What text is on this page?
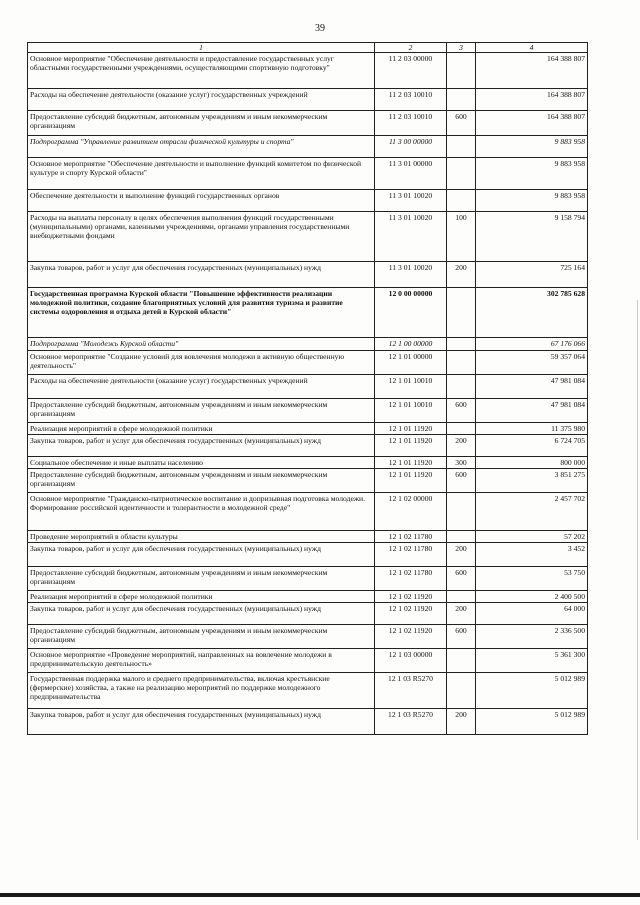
39
1	2	3	4
Основное мероприятие "Обеспечение деятельности и предоставление государственных услуг областными государственными учреждениями, осуществляющими спортивную подготовку"	11 2 03 00000		164 388 807
Расходы на обеспечение деятельности (оказание услуг) государственных учреждений	11 2 03 10010		164 388 807
Предоставление субсидий бюджетным, автономным учреждениям и иным некоммерческим организациям	11 2 03 10010	600	164 388 807
Подпрограмма "Управление развитием отрасли физической культуры и спорта"	11 3 00 00000		9 883 958
Основное мероприятие "Обеспечение деятельности и выполнение функций комитетом по физической культуре и спорту Курской области"	11 3 01 00000		9 883 958
Обеспечение деятельности и выполнение функций государственных органов	11 3 01 10020		9 883 958
Расходы на выплаты персоналу в целях обеспечения выполнения функций государственными (муниципальными) органами, казенными учреждениями, органами управления государственными внебюджетными фондами	11 3 01 10020	100	9 158 794
Закупка товаров, работ и услуг для обеспечения государственных (муниципальных) нужд	11 3 01 10020	200	725 164
Государственная программа Курской области "Повышение эффективности реализации молодежной политики, создание благоприятных условий для развития туризма и развитие системы оздоровления и отдыха детей в Курской области"	12 0 00 00000		302 785 628
Подпрограмма "Молодежь Курской области"	12 1 00 00000		67 176 066
Основное мероприятие "Создание условий для вовлечения молодежи в активную общественную деятельность"	12 1 01 00000		59 357 064
Расходы на обеспечение деятельности (оказание услуг) государственных учреждений	12 1 01 10010		47 981 084
Предоставление субсидий бюджетным, автономным учреждениям и иным некоммерческим организациям	12 1 01 10010	600	47 981 084
Реализация мероприятий в сфере молодежной политики	12 1 01 11920		11 375 980
Закупка товаров, работ и услуг для обеспечения государственных (муниципальных) нужд	12 1 01 11920	200	6 724 705
Социальное обеспечение и иные выплаты населению	12 1 01 11920	300	800 000
Предоставление субсидий бюджетным, автономным учреждениям и иным некоммерческим организациям	12 1 01 11920	600	3 851 275
Основное мероприятие "Гражданско-патриотическое воспитание и допризывная подготовка молодежи. Формирование российской идентичности и толерантности в молодежной среде"	12 1 02 00000		2 457 702
Проведение мероприятий в области культуры	12 1 02 11780		57 202
Закупка товаров, работ и услуг для обеспечения государственных (муниципальных) нужд	12 1 02 11780	200	3 452
Предоставление субсидий бюджетным, автономным учреждениям и иным некоммерческим организациям	12 1 02 11780	600	53 750
Реализация мероприятий в сфере молодежной политики	12 1 02 11920		2 400 500
Закупка товаров, работ и услуг для обеспечения государственных (муниципальных) нужд	12 1 02 11920	200	64 000
Предоставление субсидий бюджетным, автономным учреждениям и иным некоммерческим организациям	12 1 02 11920	600	2 336 500
Основное мероприятие «Проведение мероприятий, направленных на вовлечение молодежи в предпринимательскую деятельность»	12 1 03 00000		5 361 300
Государственная поддержка малого и среднего предпринимательства, включая крестьянские (фермерские) хозяйства, а также на реализацию мероприятий по поддержке молодежного предпринимательства	12 1 03 R5270		5 012 989
Закупка товаров, работ и услуг для обеспечения государственных (муниципальных) нужд	12 1 03 R5270	200	5 012 989
